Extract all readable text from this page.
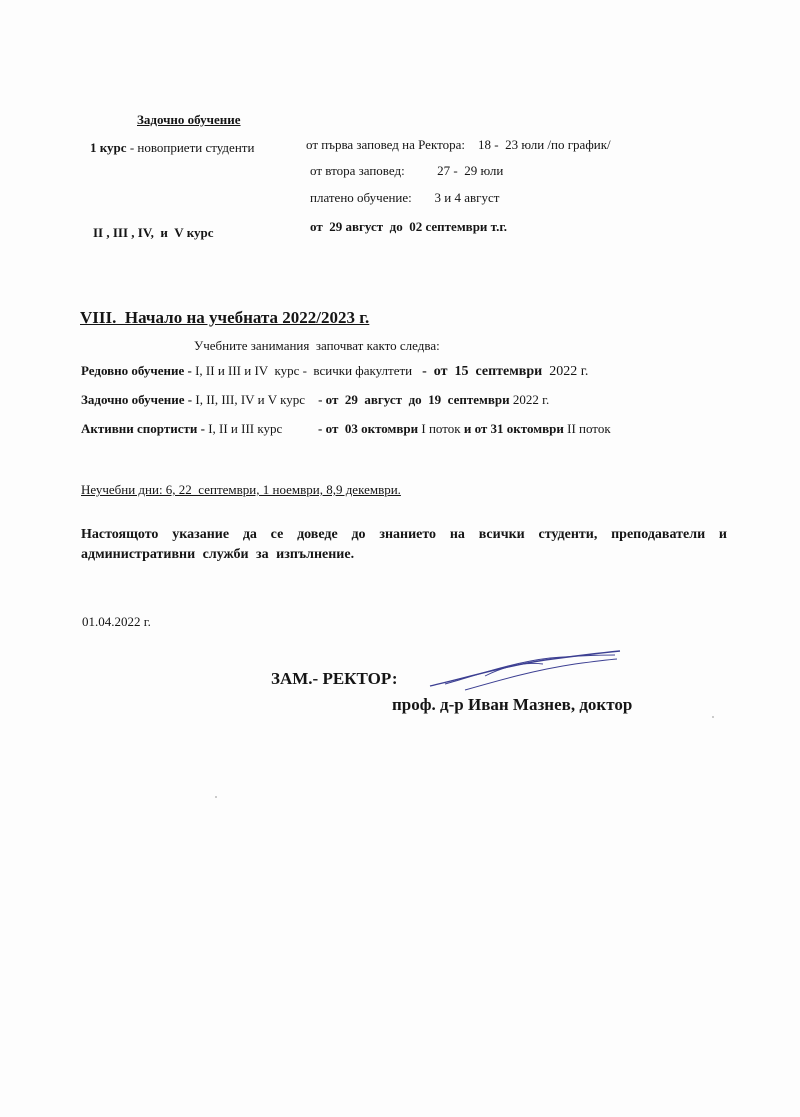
Задочно обучение
1 курс - новоприети студенти	от първа заповед на Ректора:    18 -  23 юли /по график/
от втора заповед:          27 -  29 юли
платено обучение:       3 и 4 август
II , III , IV,  и  V курс	от  29 август  до  02 септември т.г.
VIII.  Начало на учебната 2022/2023 г.
Учебните занимания  започват както следва:
Редовно обучение - I, II и III и IV  курс -  всички факултети   -  от  15  септември  2022 г.
Задочно обучение - I, II, III, IV и V курс    - от  29  август  до  19  септември 2022 г.
Активни спортисти - I, II и III курс           - от  03 октомври I поток и от 31 октомври II поток
Неучебни дни: 6, 22  септември, 1 ноември, 8,9 декември.
Настоящото указание да се доведе до знанието на всички студенти, преподаватели и административни служби за изпълнение.
01.04.2022 г.
ЗАМ.- РЕКТОР:
проф. д-р Иван Мазнев, доктор
